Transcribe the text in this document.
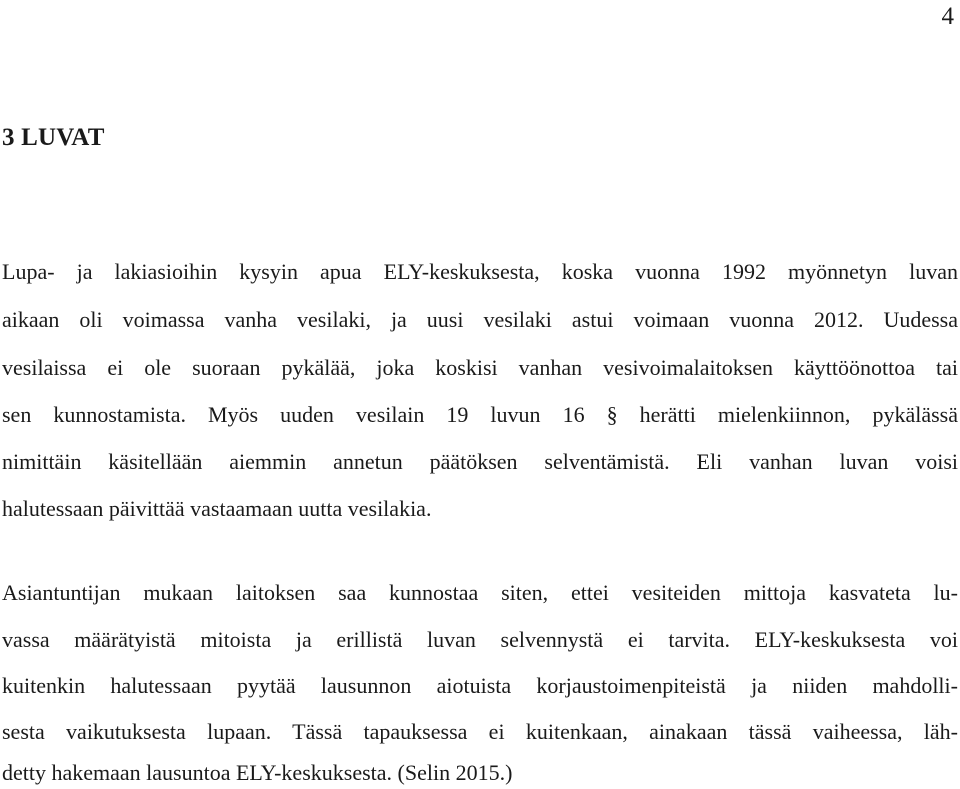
4
3 LUVAT

Lupa- ja lakiasioihin kysyin apua ELY-keskuksesta, koska vuonna 1992 myönnetyn luvan

aikaan oli voimassa vanha vesilaki, ja uusi vesilaki astui voimaan vuonna 2012. Uudessa

vesilaissa ei ole suoraan pykälää, joka koskisi vanhan vesivoimalaitoksen käyttöönottoa tai

sen kunnostamista. Myös uuden vesilain 19 luvun 16 § herätti mielenkiinnon, pykälässä

nimittäin käsitellään aiemmin annetun päätöksen selventämistä. Eli vanhan luvan voisi

halutessaan päivittää vastaamaan uutta vesilakia.

Asiantuntijan mukaan laitoksen saa kunnostaa siten, ettei vesiteiden mittoja kasvateta lu-

vassa määrätyistä mitoista ja erillistä luvan selvennystä ei tarvita. ELY-keskuksesta voi

kuitenkin halutessaan pyytää lausunnon aiotuista korjaustoimenpiteistä ja niiden mahdolli-

sesta vaikutuksesta lupaan. Tässä tapauksessa ei kuitenkaan, ainakaan tässä vaiheessa, läh-

detty hakemaan lausuntoa ELY-keskuksesta. (Selin 2015.)
